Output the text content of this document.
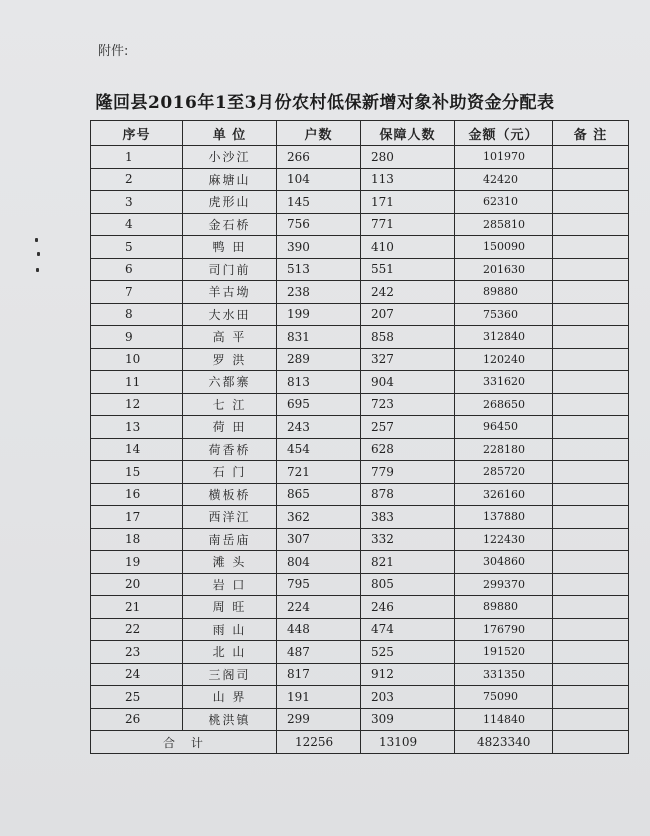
附件:
隆回县2016年1至3月份农村低保新增对象补助资金分配表
序号	单 位	户数	保障人数	金额（元）	备 注
1	小沙江	266	280	101970	
2	麻塘山	104	113	42420	
3	虎形山	145	171	62310	
4	金石桥	756	771	285810	
5	鸭 田	390	410	150090	
6	司门前	513	551	201630	
7	羊古坳	238	242	89880	
8	大水田	199	207	75360	
9	高 平	831	858	312840	
10	罗 洪	289	327	120240	
11	六都寨	813	904	331620	
12	七 江	695	723	268650	
13	荷 田	243	257	96450	
14	荷香桥	454	628	228180	
15	石 门	721	779	285720	
16	横板桥	865	878	326160	
17	西洋江	362	383	137880	
18	南岳庙	307	332	122430	
19	滩 头	804	821	304860	
20	岩 口	795	805	299370	
21	周 旺	224	246	89880	
22	雨 山	448	474	176790	
23	北 山	487	525	191520	
24	三阁司	817	912	331350	
25	山 界	191	203	75090	
26	桃洪镇	299	309	114840	
合 计		12256	13109	4823340	
